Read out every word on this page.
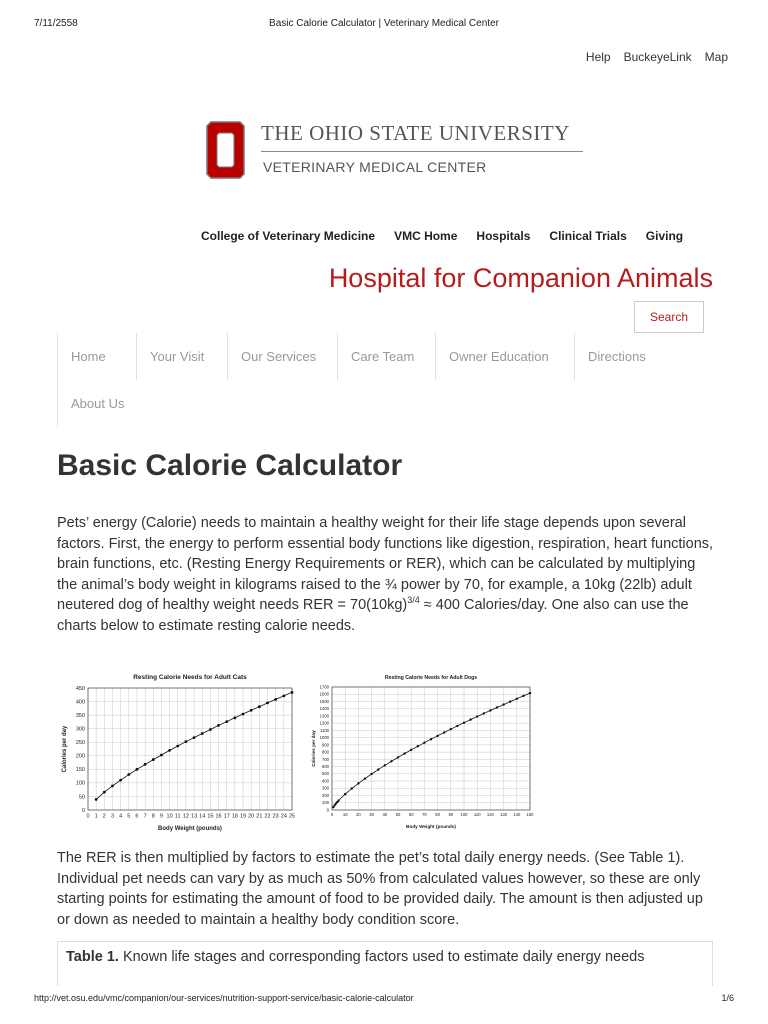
7/11/2558	Basic Calorie Calculator | Veterinary Medical Center
Help BuckeyeLink Map
THE OHIO STATE UNIVERSITY
VETERINARY MEDICAL CENTER
College of Veterinary Medicine VMC Home Hospitals Clinical Trials Giving
Hospital for Companion Animals
Search
Home	Your Visit	Our Services	Care Team	Owner Education	Directions
About Us
Basic Calorie Calculator

Pets’ energy (Calorie) needs to maintain a healthy weight for their life stage depends upon several factors. First, the energy to perform essential body functions like digestion, respiration, heart functions, brain functions, etc. (Resting Energy Requirements or RER), which can be calculated by multiplying the animal’s body weight in kilograms raised to the ¾ power by 70, for example, a 10kg (22lb) adult neutered dog of healthy weight needs RER = $70(10kg)^{3/4} \approx 400$ Calories/day. One also can use the charts below to estimate resting calorie needs.

Resting Calorie Needs for Adult Cats
0 1 2 3 4 5 6 7 8 9 10 11 12 13 14 15 16 17 18 19 20 21 22 23 24 25
0
50
100
150
200
250
300
350
400
450
Body Weight (pounds)
Calories per day
Resting Calorie Needs for Adult Dogs
0 10 20 30 40 50 60 70 80 90 100 110 120 130 140 150
0
100
200
300
400
500
600
700
800
900
1000
1100
1200
1300
1400
1500
1600
1700
Body Weight (pounds)
Calories per day

The RER is then multiplied by factors to estimate the pet’s total daily energy needs. (See Table 1). Individual pet needs can vary by as much as 50% from calculated values however, so these are only starting points for estimating the amount of food to be provided daily. The amount is then adjusted up or down as needed to maintain a healthy body condition score.

Table 1. Known life stages and corresponding factors used to estimate daily energy needs
http://vet.osu.edu/vmc/companion/our-services/nutrition-support-service/basic-calorie-calculator	1/6
